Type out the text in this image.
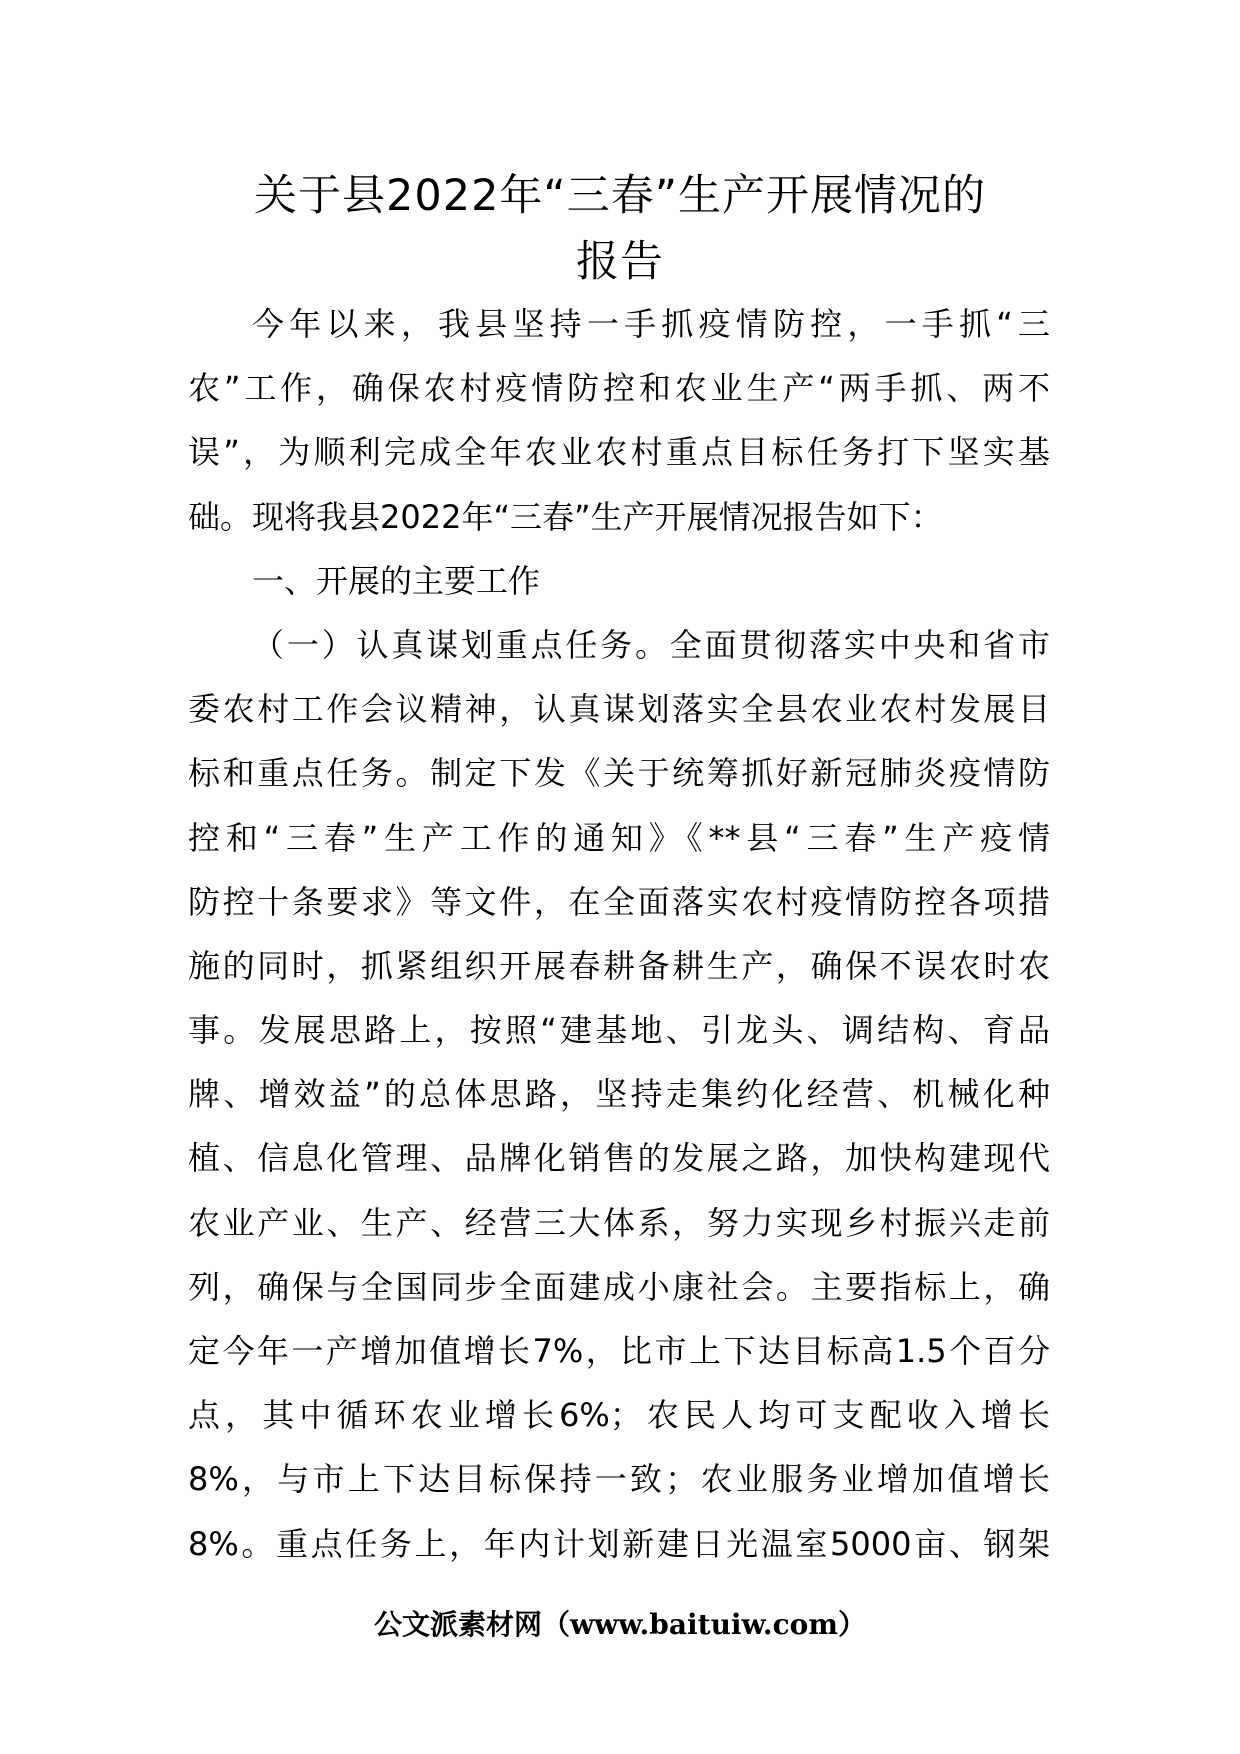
关于县2022年“三春”生产开展情况的
报告
今年以来，我县坚持一手抓疫情防控，一手抓“三
农”工作，确保农村疫情防控和农业生产“两手抓、两不
误”，为顺利完成全年农业农村重点目标任务打下坚实基
础。现将我县2022年“三春”生产开展情况报告如下：
一、开展的主要工作
（一）认真谋划重点任务。全面贯彻落实中央和省市
委农村工作会议精神，认真谋划落实全县农业农村发展目
标和重点任务。制定下发《关于统筹抓好新冠肺炎疫情防
控和“三春”生产工作的通知》《**县“三春”生产疫情
防控十条要求》等文件，在全面落实农村疫情防控各项措
施的同时，抓紧组织开展春耕备耕生产，确保不误农时农
事。发展思路上，按照“建基地、引龙头、调结构、育品
牌、增效益”的总体思路，坚持走集约化经营、机械化种
植、信息化管理、品牌化销售的发展之路，加快构建现代
农业产业、生产、经营三大体系，努力实现乡村振兴走前
列，确保与全国同步全面建成小康社会。主要指标上，确
定今年一产增加值增长7%，比市上下达目标高1.5个百分
点，其中循环农业增长6%；农民人均可支配收入增长
8%，与市上下达目标保持一致；农业服务业增加值增长
8%。重点任务上，年内计划新建日光温室5000亩、钢架
公文派素材网（www.baituiw.com）
